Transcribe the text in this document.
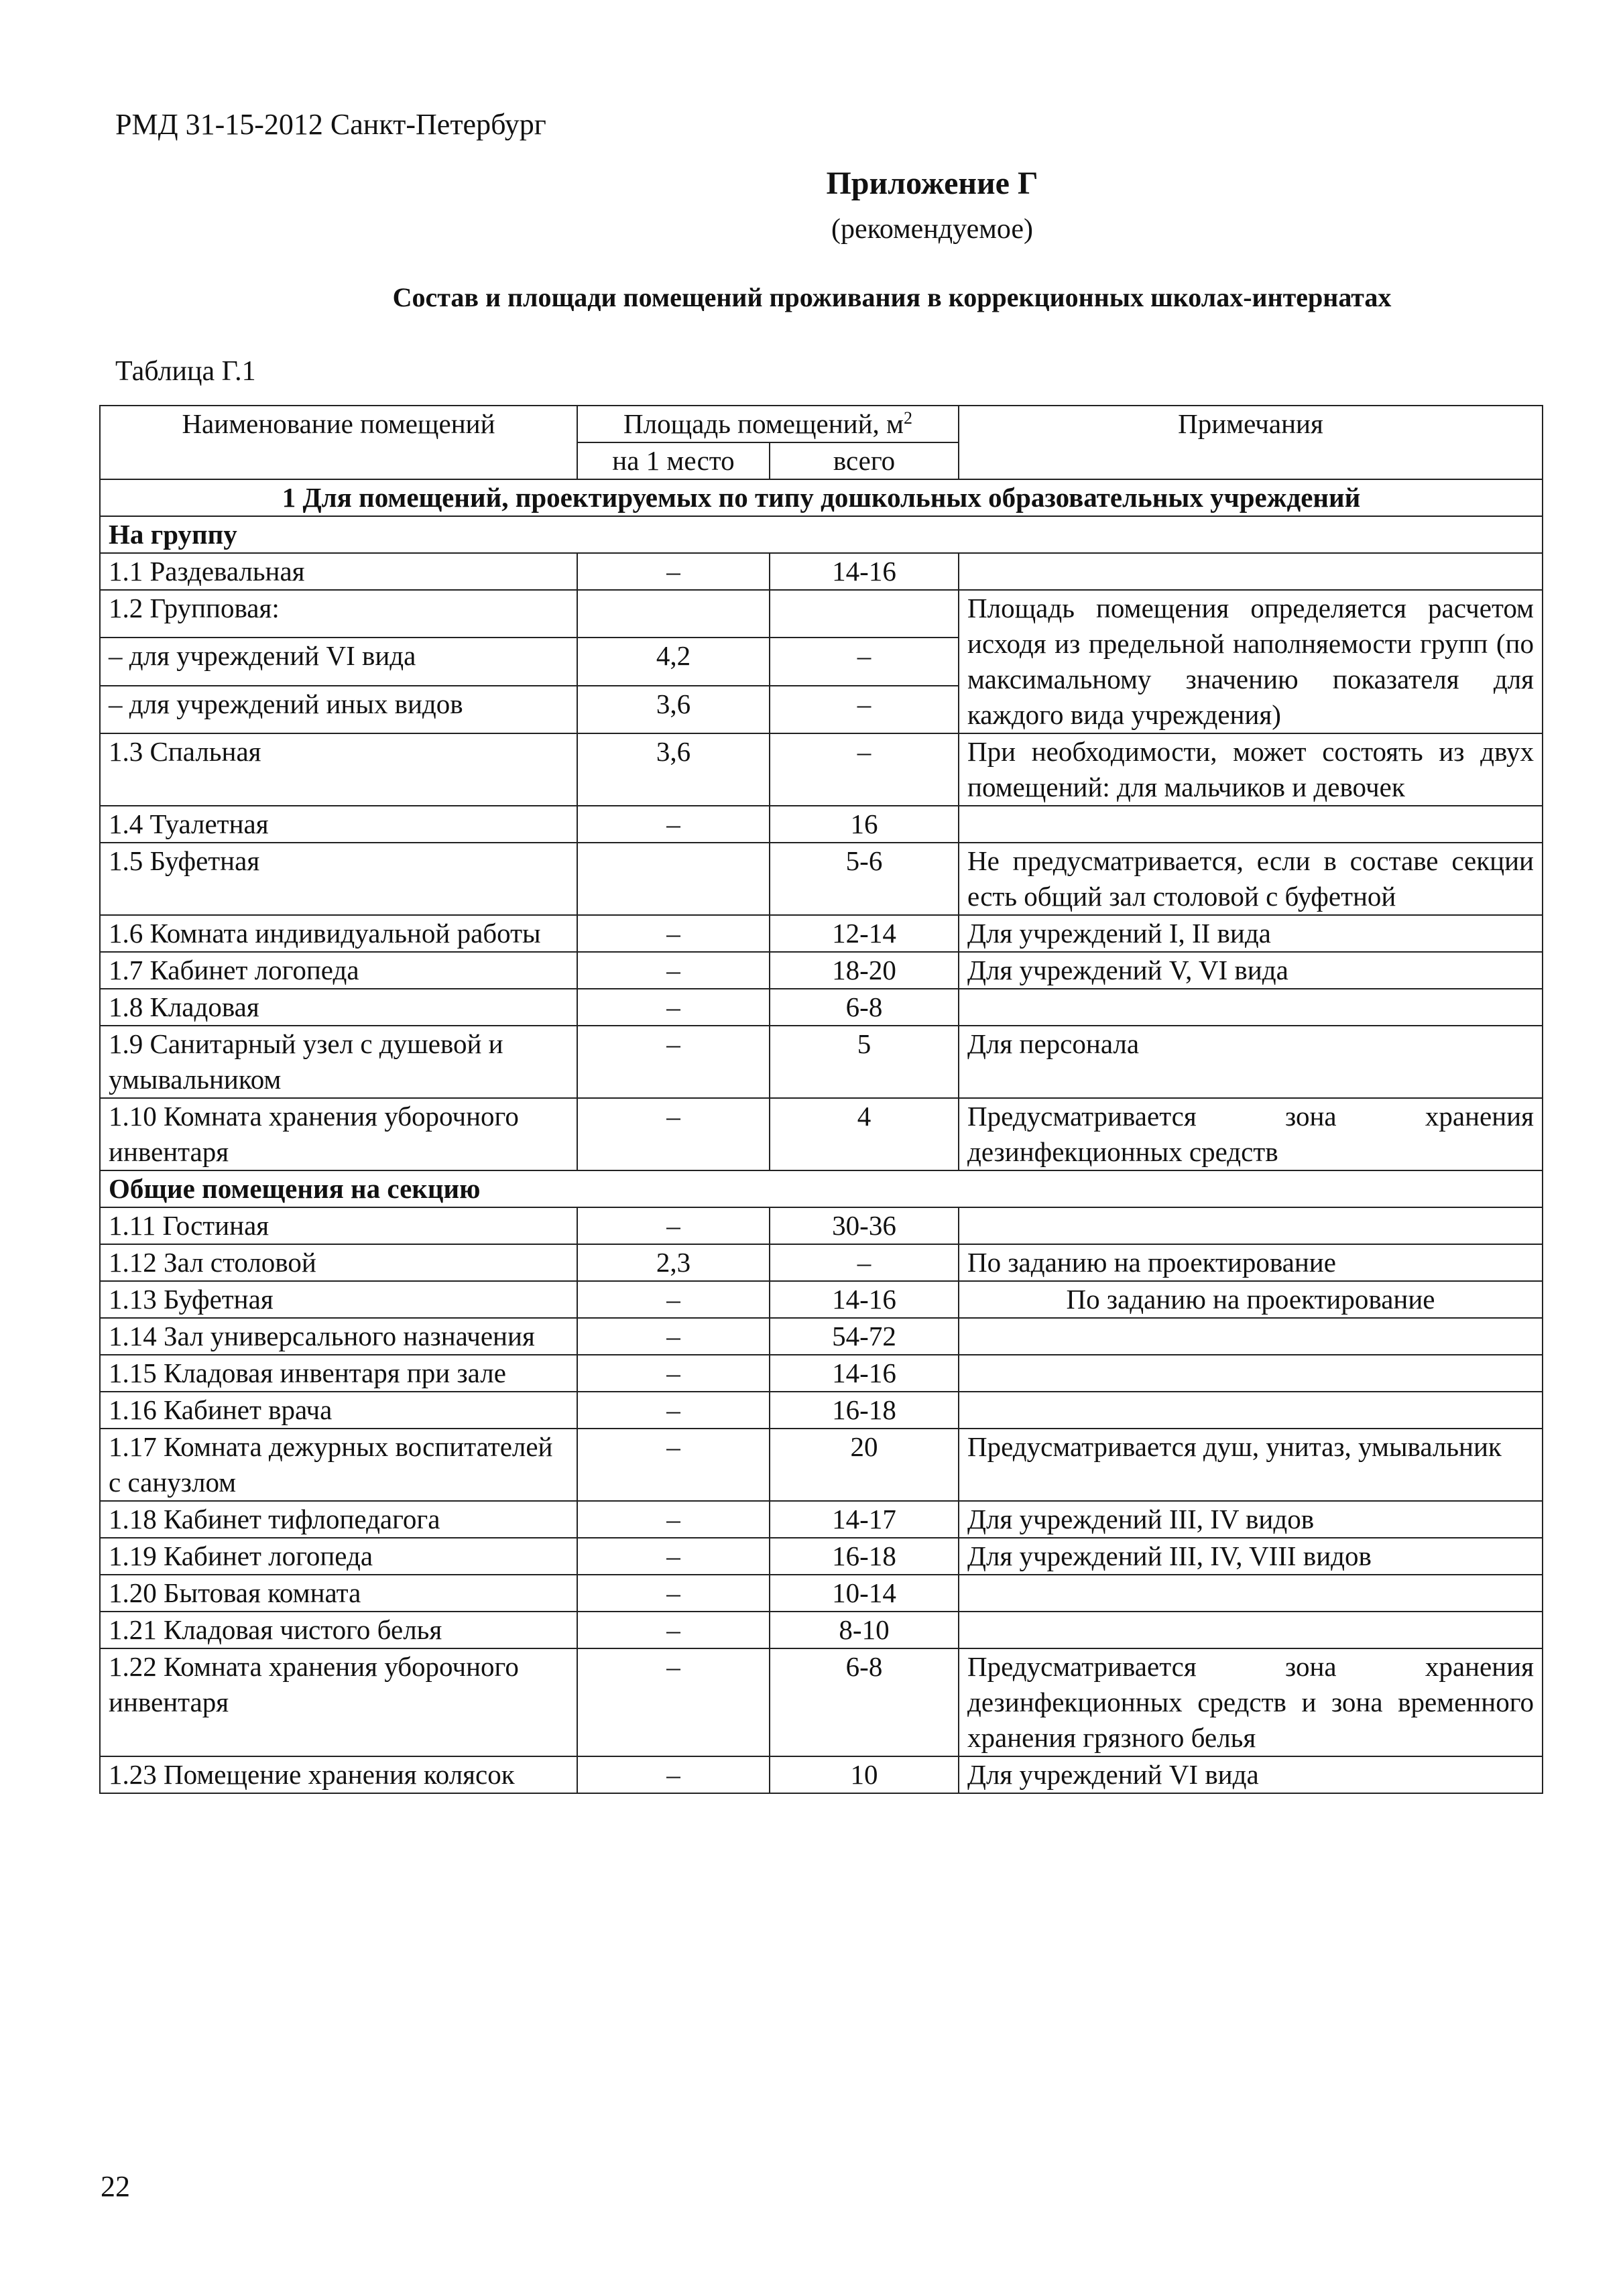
РМД 31-15-2012 Санкт-Петербург
Приложение Г
(рекомендуемое)
Состав и площади помещений проживания в коррекционных школах-интернатах
Таблица Г.1
Наименование помещений	Площадь помещений, $м^2$		Примечания
	на 1 место	всего	
1 Для помещений, проектируемых по типу дошкольных образовательных учреждений			
На группу			
1.1 Раздевальная	–	14-16	
1.2 Групповая:			Площадь помещения определяется расчетом исходя из предельной наполняемости групп (по максимальному значению показателя для каждого вида учреждения)
– для учреждений VI вида	4,2	–	
– для учреждений иных видов	3,6	–	
1.3 Спальная	3,6	–	При необходимости, может состоять из двух помещений: для мальчиков и девочек
1.4 Туалетная	–	16	
1.5 Буфетная		5-6	Не предусматривается, если в составе секции есть общий зал столовой с буфетной
1.6 Комната индивидуальной работы	–	12-14	Для учреждений I, II вида
1.7 Кабинет логопеда	–	18-20	Для учреждений V, VI вида
1.8 Кладовая	–	6-8	
1.9 Санитарный узел с душевой и умывальником	–	5	Для персонала
1.10 Комната хранения уборочного инвентаря	–	4	Предусматривается зона хранения дезинфекционных средств
Общие помещения на секцию			
1.11 Гостиная	–	30-36	
1.12 Зал столовой	2,3	–	По заданию на проектирование
1.13 Буфетная	–	14-16	По заданию на проектирование
1.14 Зал универсального назначения	–	54-72	
1.15 Кладовая инвентаря при зале	–	14-16	
1.16 Кабинет врача	–	16-18	
1.17 Комната дежурных воспитателей с санузлом	–	20	Предусматривается душ, унитаз, умывальник
1.18 Кабинет тифлопедагога	–	14-17	Для учреждений III, IV видов
1.19 Кабинет логопеда	–	16-18	Для учреждений III, IV, VIII видов
1.20 Бытовая комната	–	10-14	
1.21 Кладовая чистого белья	–	8-10	
1.22 Комната хранения уборочного инвентаря	–	6-8	Предусматривается зона хранения дезинфекционных средств и зона временного хранения грязного белья
1.23 Помещение хранения колясок	–	10	Для учреждений VI вида
22
